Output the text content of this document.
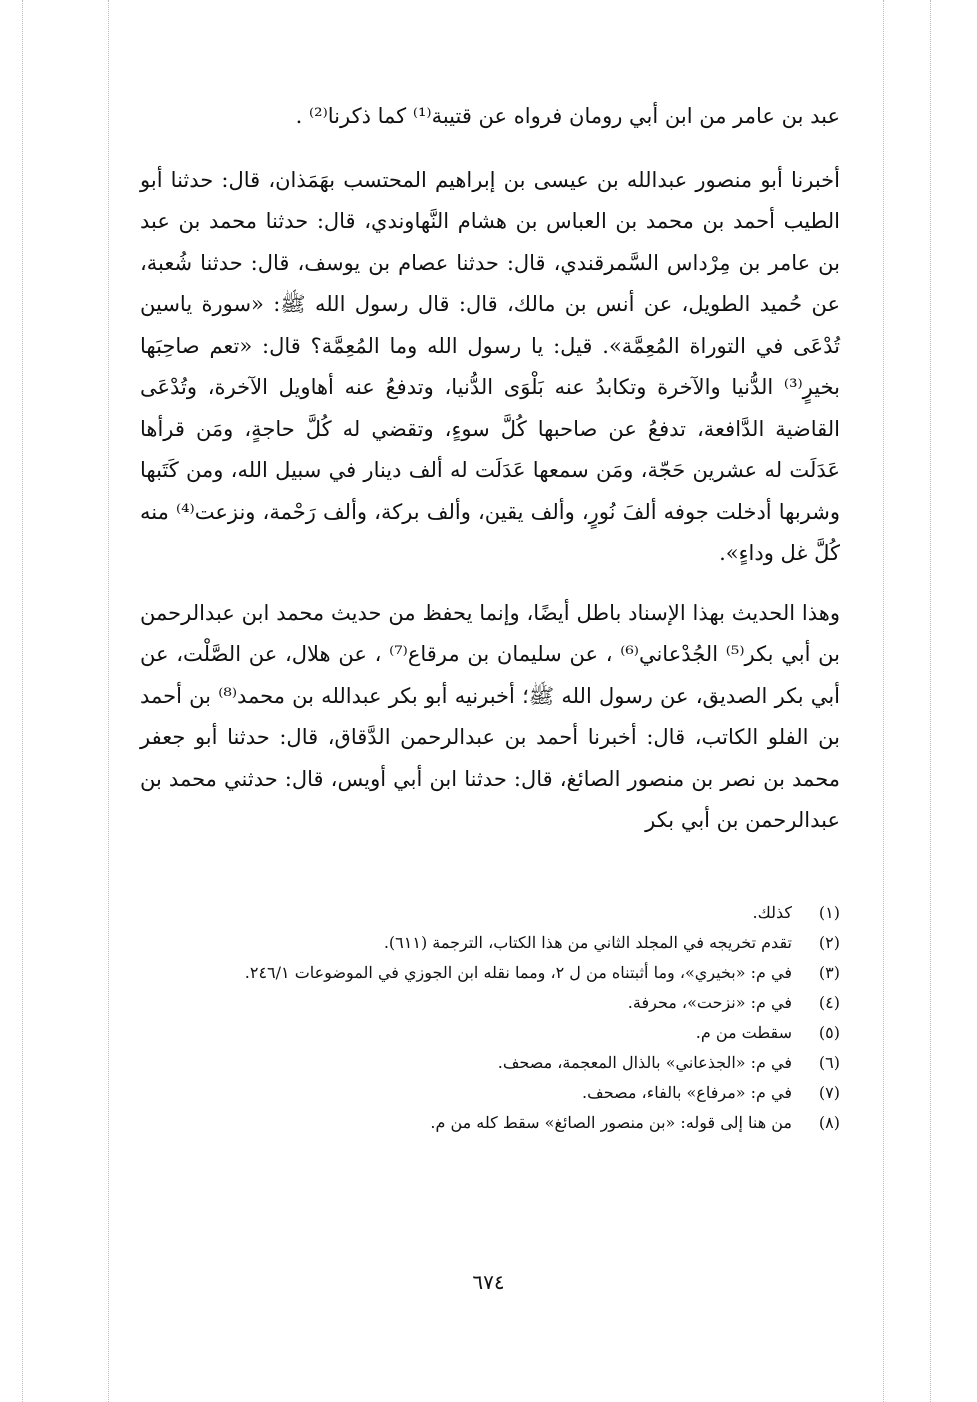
عبد بن عامر من ابن أبي رومان فرواه عن قتيبة⁽¹⁾ كما ذكرنا⁽²⁾ .

أخبرنا أبو منصور عبدالله بن عيسى بن إبراهيم المحتسب بهَمَذان، قال: حدثنا أبو الطيب أحمد بن محمد بن العباس بن هشام النَّهاوندي، قال: حدثنا محمد بن عبد بن عامر بن مِرْداس السَّمرقندي، قال: حدثنا عصام بن يوسف، قال: حدثنا شُعبة، عن حُميد الطويل، عن أنس بن مالك، قال: قال رسول الله ﷺ: «سورة ياسين تُدْعَى في التوراة المُعِمَّة». قيل: يا رسول الله وما المُعِمَّة؟ قال: «تعم صاحِبَها بخيرٍ⁽³⁾ الدُّنيا والآخرة وتكابدُ عنه بَلْوَى الدُّنيا، وتدفعُ عنه أهاويل الآخرة، وتُدْعَى القاضية الدَّافعة، تدفعُ عن صاحبها كُلَّ سوءٍ، وتقضي له كُلَّ حاجةٍ، ومَن قرأها عَدَلَت له عشرين حَجّة، ومَن سمعها عَدَلَت له ألف دينار في سبيل الله، ومن كَتَبها وشربها أدخلت جوفه ألفَ نُورٍ، وألف يقين، وألف بركة، وألف رَحْمة، ونزعت⁽⁴⁾ منه كُلَّ غل وداءٍ».

وهذا الحديث بهذا الإسناد باطل أيضًا، وإنما يحفظ من حديث محمد ابن عبدالرحمن بن أبي بكر⁽⁵⁾ الجُدْعاني⁽⁶⁾ ، عن سليمان بن مرقاع⁽⁷⁾ ، عن هلال، عن الصَّلْت، عن أبي بكر الصديق، عن رسول الله ﷺ؛ أخبرنيه أبو بكر عبدالله بن محمد⁽⁸⁾ بن أحمد بن الفلو الكاتب، قال: أخبرنا أحمد بن عبدالرحمن الدَّقاق، قال: حدثنا أبو جعفر محمد بن نصر بن منصور الصائغ، قال: حدثنا ابن أبي أويس، قال: حدثني محمد بن عبدالرحمن بن أبي بكر

(١)
كذلك.
(٢)
تقدم تخريجه في المجلد الثاني من هذا الكتاب، الترجمة (٦١١).
(٣)
في م: «بخيري»، وما أثبتناه من ل ٢، ومما نقله ابن الجوزي في الموضوعات ٢٤٦/١.
(٤)
في م: «نزحت»، محرفة.
(٥)
سقطت من م.
(٦)
في م: «الجذعاني» بالذال المعجمة، مصحف.
(٧)
في م: «مرفاع» بالفاء، مصحف.
(٨)
من هنا إلى قوله: «بن منصور الصائغ» سقط كله من م.
٦٧٤
